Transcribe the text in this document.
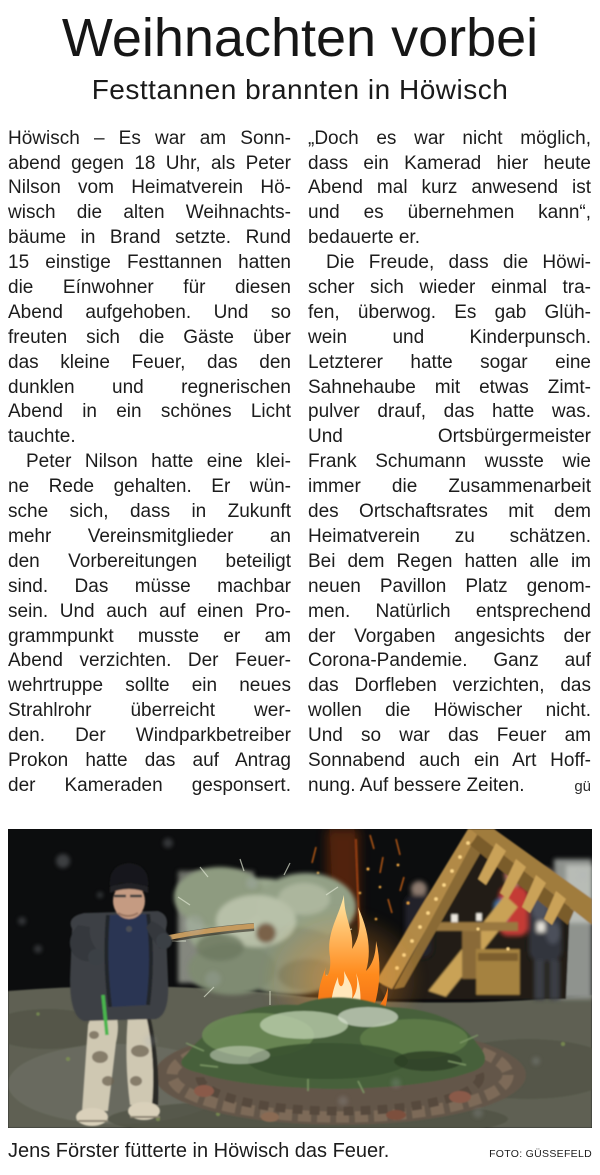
Weihnachten vorbei
Festtannen brannten in Höwisch
Höwisch – Es war am Sonn-
abend gegen 18 Uhr, als Peter
Nilson vom Heimatverein Hö-
wisch die alten Weihnachts-
bäume in Brand setzte. Rund
15 einstige Festtannen hatten
die Eínwohner für diesen
Abend aufgehoben. Und so
freuten sich die Gäste über
das kleine Feuer, das den
dunklen und regnerischen
Abend in ein schönes Licht
tauchte.
Peter Nilson hatte eine klei-
ne Rede gehalten. Er wün-
sche sich, dass in Zukunft
mehr Vereinsmitglieder an
den Vorbereitungen beteiligt
sind. Das müsse machbar
sein. Und auch auf einen Pro-
grammpunkt musste er am
Abend verzichten. Der Feuer-
wehrtruppe sollte ein neues
Strahlrohr überreicht wer-
den. Der Windparkbetreiber
Prokon hatte das auf Antrag
der Kameraden gesponsert.
„Doch es war nicht möglich,
dass ein Kamerad hier heute
Abend mal kurz anwesend ist
und es übernehmen kann“,
bedauerte er.
Die Freude, dass die Höwi-
scher sich wieder einmal tra-
fen, überwog. Es gab Glüh-
wein und Kinderpunsch.
Letzterer hatte sogar eine
Sahnehaube mit etwas Zimt-
pulver drauf, das hatte was.
Und Ortsbürgermeister
Frank Schumann wusste wie
immer die Zusammenarbeit
des Ortschaftsrates mit dem
Heimatverein zu schätzen.
Bei dem Regen hatten alle im
neuen Pavillon Platz genom-
men. Natürlich entsprechend
der Vorgaben angesichts der
Corona-Pandemie. Ganz auf
das Dorfleben verzichten, das
wollen die Höwischer nicht.
Und so war das Feuer am
Sonnabend auch ein Art Hoff-
nung. Auf bessere Zeiten.	gü
Jens Förster fütterte in Höwisch das Feuer.	FOTO: GÜSSEFELD
